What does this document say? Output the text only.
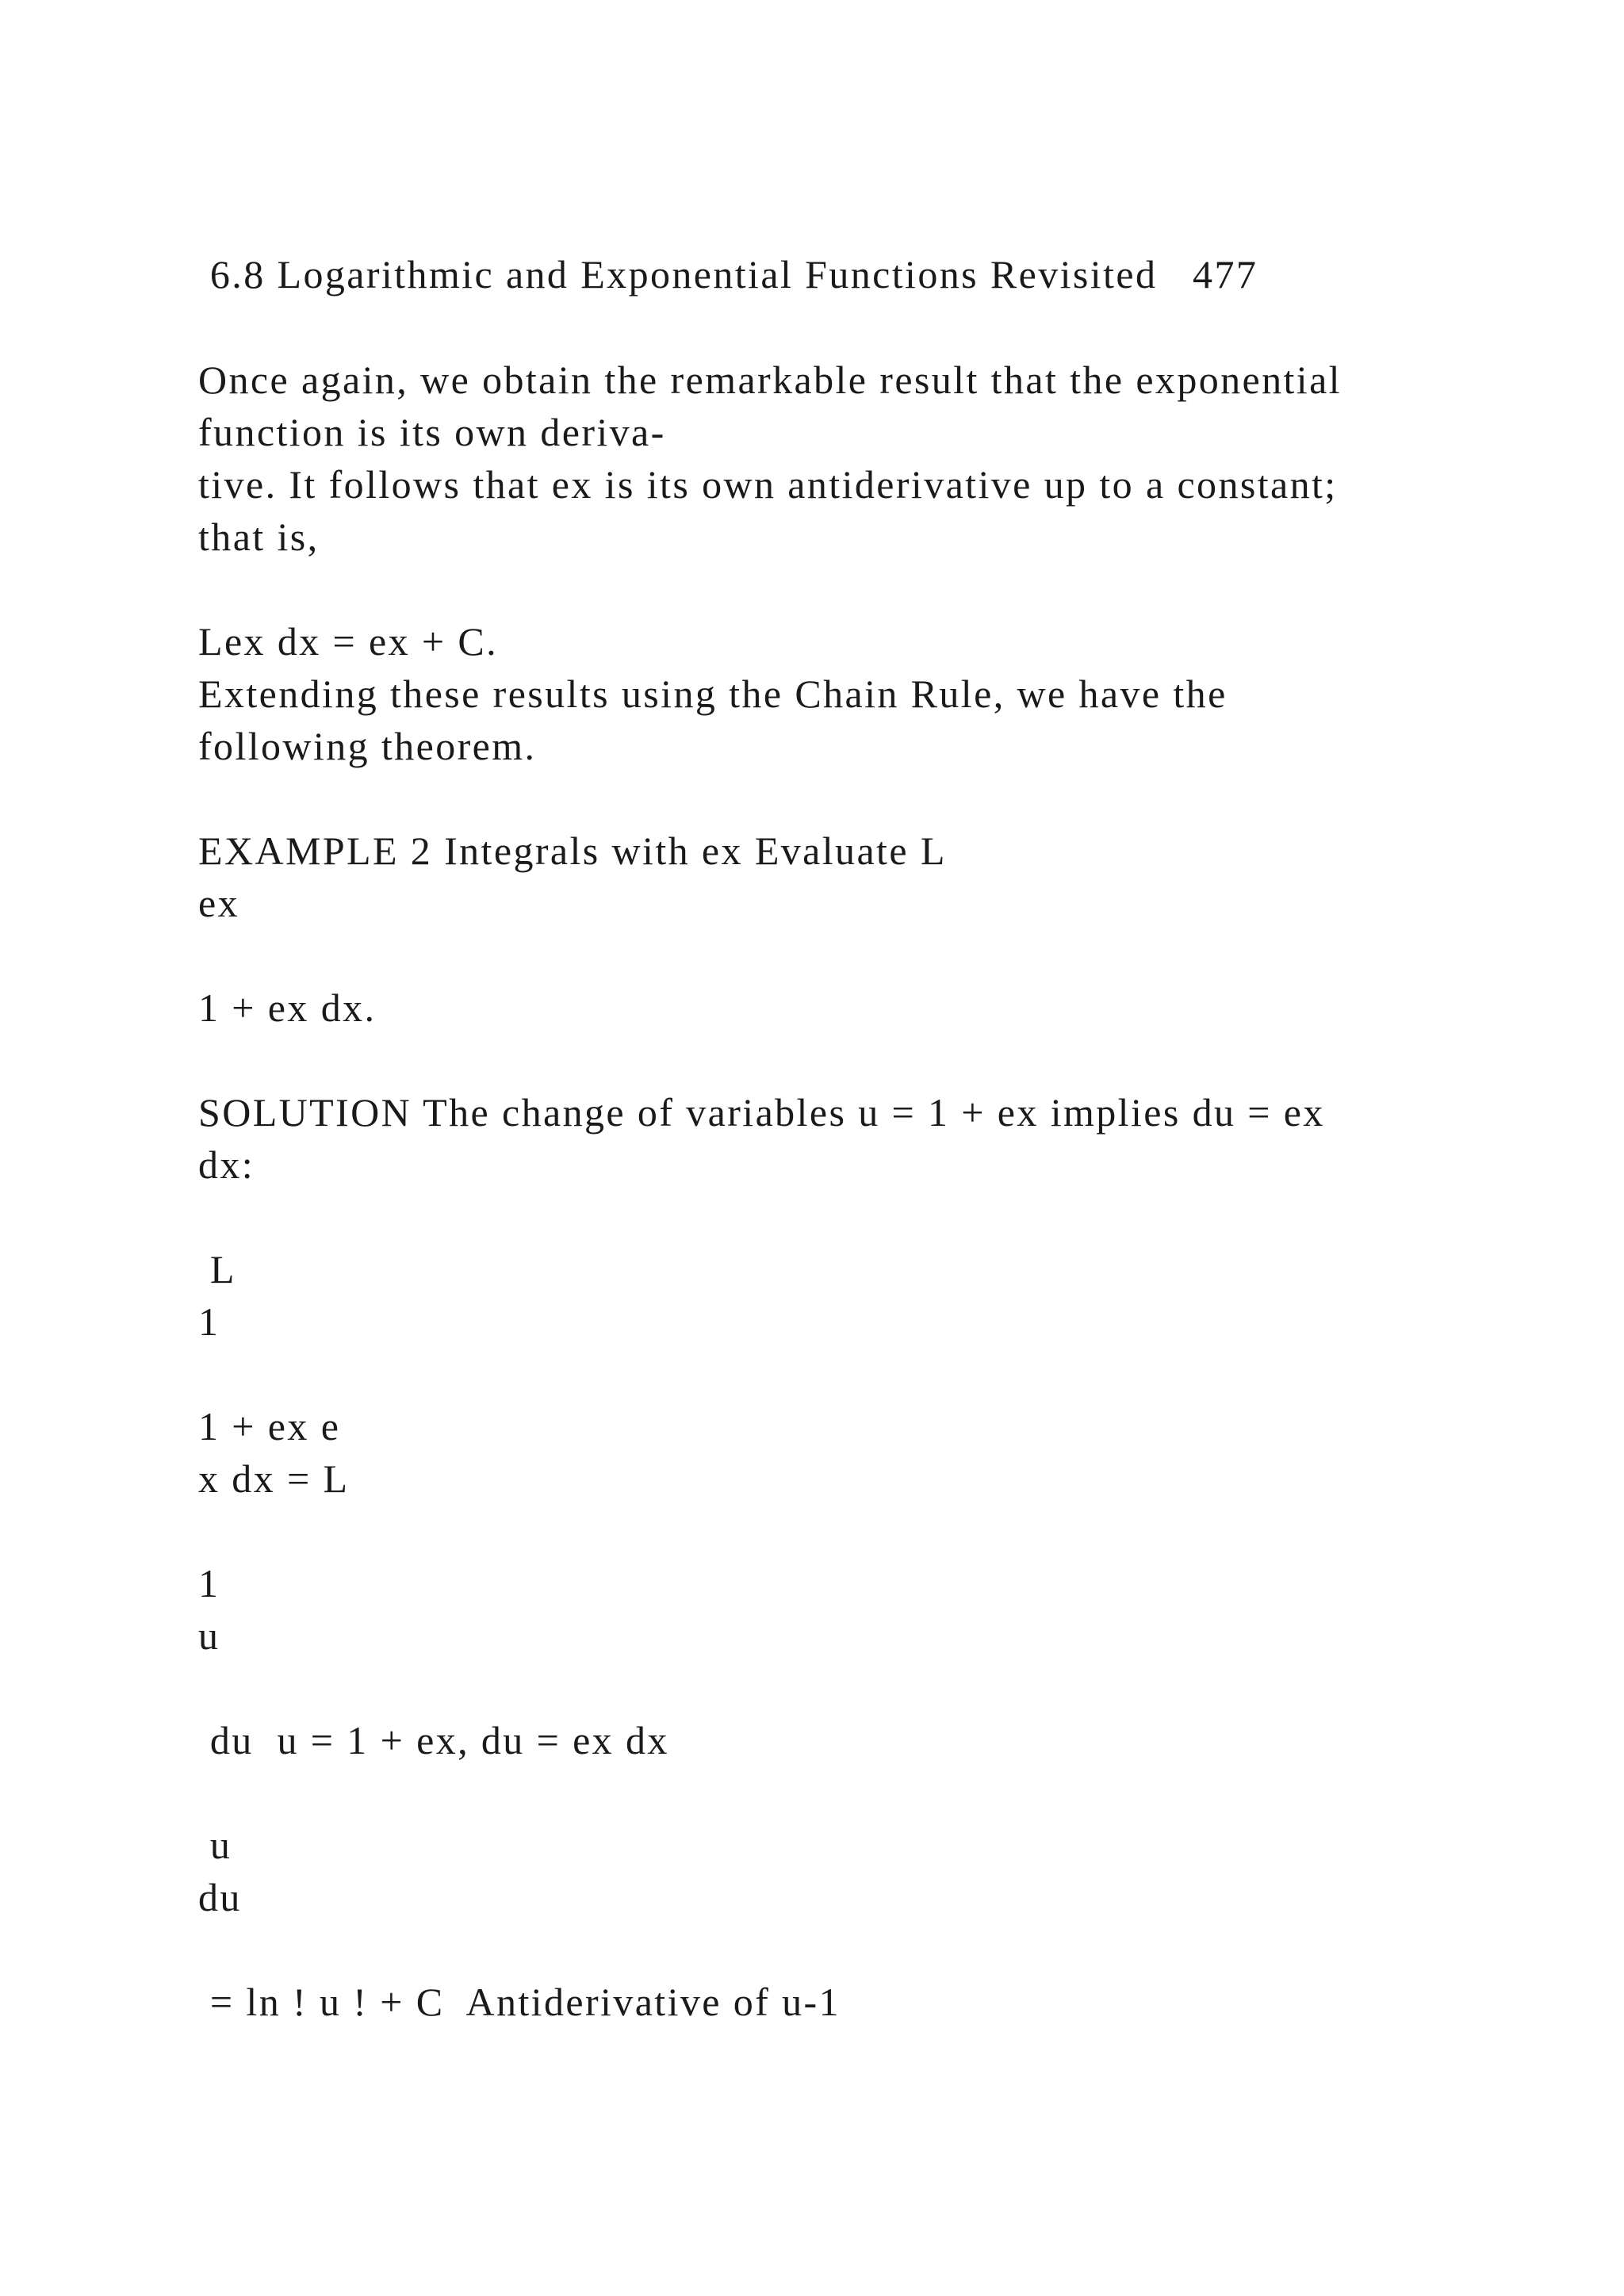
6.8 Logarithmic and Exponential Functions Revisited   477

Once again, we obtain the remarkable result that the exponential

function is its own deriva-

tive. It follows that ex is its own antiderivative up to a constant;

that is,

Lex dx = ex + C.

Extending these results using the Chain Rule, we have the

following theorem.

EXAMPLE 2 Integrals with ex Evaluate L

ex

1 + ex dx.

SOLUTION The change of variables u = 1 + ex implies du = ex

dx:

L

1

1 + ex e

x dx = L

1

u

du  u = 1 + ex, du = ex dx

u

du

= ln ! u ! + C  Antiderivative of u-1
